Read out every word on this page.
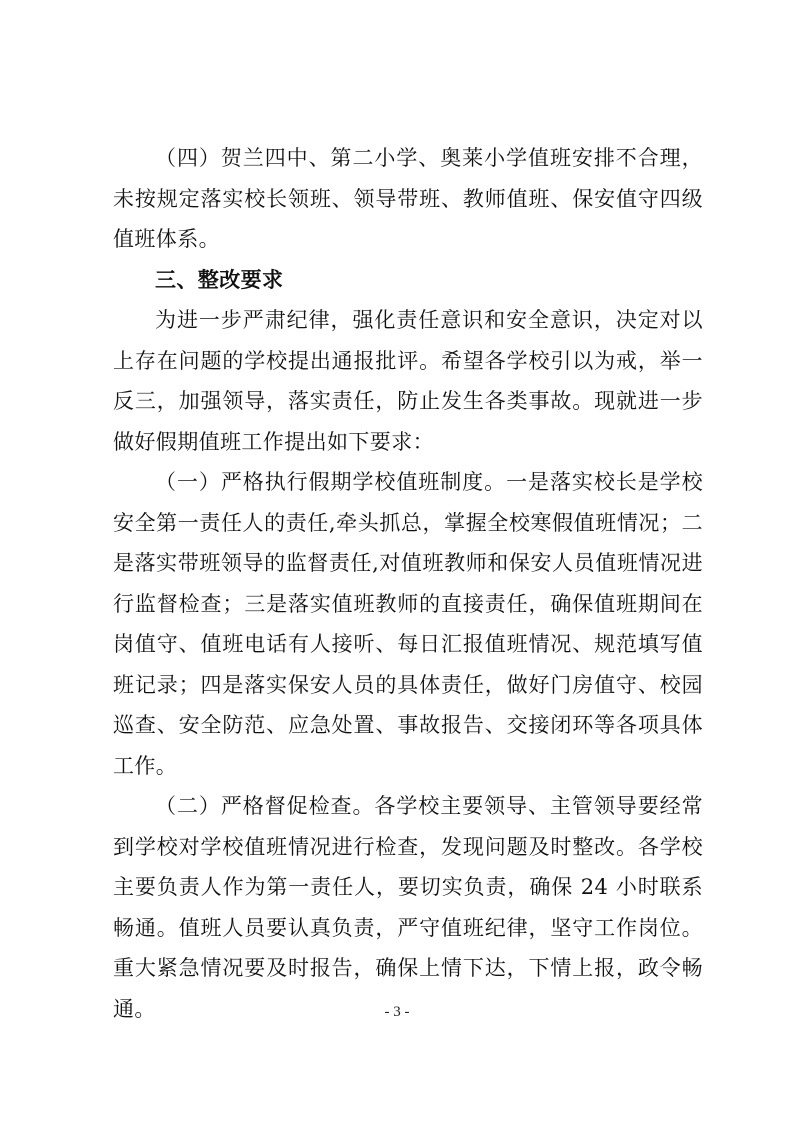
（四）贺兰四中、第二小学、奥莱小学值班安排不合理，未按规定落实校长领班、领导带班、教师值班、保安值守四级值班体系。

三、整改要求

为进一步严肃纪律，强化责任意识和安全意识，决定对以上存在问题的学校提出通报批评。希望各学校引以为戒，举一反三，加强领导，落实责任，防止发生各类事故。现就进一步做好假期值班工作提出如下要求：

（一）严格执行假期学校值班制度。一是落实校长是学校安全第一责任人的责任,牵头抓总，掌握全校寒假值班情况；二是落实带班领导的监督责任,对值班教师和保安人员值班情况进行监督检查；三是落实值班教师的直接责任，确保值班期间在岗值守、值班电话有人接听、每日汇报值班情况、规范填写值班记录；四是落实保安人员的具体责任，做好门房值守、校园巡查、安全防范、应急处置、事故报告、交接闭环等各项具体工作。

（二）严格督促检查。各学校主要领导、主管领导要经常到学校对学校值班情况进行检查，发现问题及时整改。各学校主要负责人作为第一责任人，要切实负责，确保 24 小时联系畅通。值班人员要认真负责，严守值班纪律，坚守工作岗位。重大紧急情况要及时报告，确保上情下达，下情上报，政令畅通。	- 3 -
